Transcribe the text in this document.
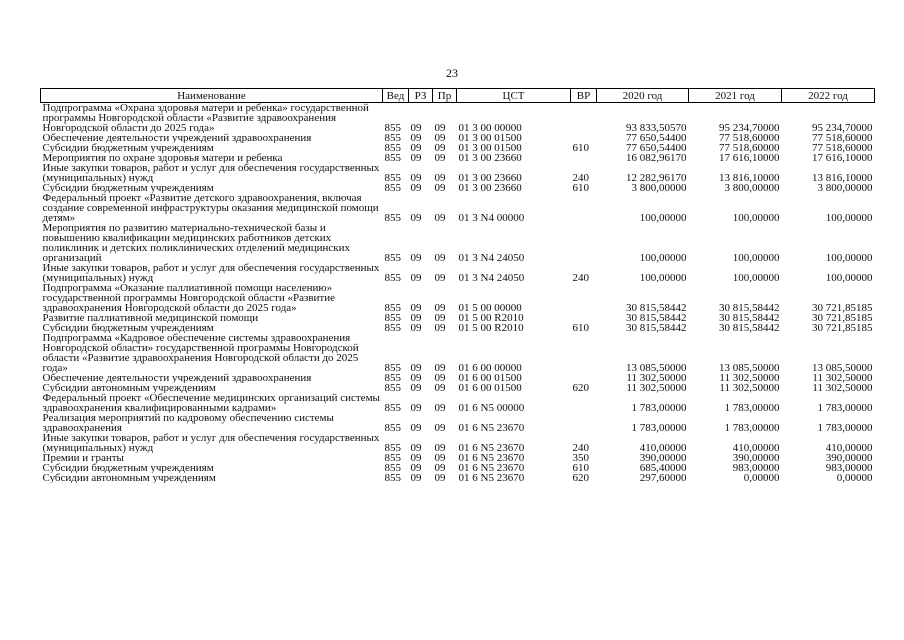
23
Наименование	Вед	РЗ	Пр	ЦСТ	ВР	2020 год	2021 год	2022 год
Подпрограмма «Охрана здоровья матери и ребенка» государственной программы Новгородской области «Развитие здравоохранения Новгородской области до 2025 года»	855	09	09	01 3 00 00000		93 833,50570	95 234,70000	95 234,70000
Обеспечение деятельности учреждений здравоохранения	855	09	09	01 3 00 01500		77 650,54400	77 518,60000	77 518,60000
Субсидии бюджетным учреждениям	855	09	09	01 3 00 01500	610	77 650,54400	77 518,60000	77 518,60000
Мероприятия по охране здоровья матери и ребенка	855	09	09	01 3 00 23660		16 082,96170	17 616,10000	17 616,10000
Иные закупки товаров, работ и услуг для обеспечения государственных (муниципальных) нужд	855	09	09	01 3 00 23660	240	12 282,96170	13 816,10000	13 816,10000
Субсидии бюджетным учреждениям	855	09	09	01 3 00 23660	610	3 800,00000	3 800,00000	3 800,00000
Федеральный проект «Развитие детского здравоохранения, включая создание современной инфраструктуры оказания медицинской помощи детям»	855	09	09	01 3 N4 00000		100,00000	100,00000	100,00000
Мероприятия по развитию материально-технической базы и повышению квалификации медицинских работников детских поликлиник и детских поликлинических отделений медицинских организаций	855	09	09	01 3 N4 24050		100,00000	100,00000	100,00000
Иные закупки товаров, работ и услуг для обеспечения государственных (муниципальных) нужд	855	09	09	01 3 N4 24050	240	100,00000	100,00000	100,00000
Подпрограмма «Оказание паллиативной помощи населению» государственной программы Новгородской области «Развитие здравоохранения Новгородской области до 2025 года»	855	09	09	01 5 00 00000		30 815,58442	30 815,58442	30 721,85185
Развитие паллиативной медицинской помощи	855	09	09	01 5 00 R2010		30 815,58442	30 815,58442	30 721,85185
Субсидии бюджетным учреждениям	855	09	09	01 5 00 R2010	610	30 815,58442	30 815,58442	30 721,85185
Подпрограмма «Кадровое обеспечение системы здравоохранения Новгородской области» государственной программы Новгородской области «Развитие здравоохранения Новгородской области до 2025 года»	855	09	09	01 6 00 00000		13 085,50000	13 085,50000	13 085,50000
Обеспечение деятельности учреждений здравоохранения	855	09	09	01 6 00 01500		11 302,50000	11 302,50000	11 302,50000
Субсидии автономным учреждениям	855	09	09	01 6 00 01500	620	11 302,50000	11 302,50000	11 302,50000
Федеральный проект «Обеспечение медицинских организаций системы здравоохранения квалифицированными кадрами»	855	09	09	01 6 N5 00000		1 783,00000	1 783,00000	1 783,00000
Реализация мероприятий по кадровому обеспечению системы здравоохранения	855	09	09	01 6 N5 23670		1 783,00000	1 783,00000	1 783,00000
Иные закупки товаров, работ и услуг для обеспечения государственных (муниципальных) нужд	855	09	09	01 6 N5 23670	240	410,00000	410,00000	410,00000
Премии и гранты	855	09	09	01 6 N5 23670	350	390,00000	390,00000	390,00000
Субсидии бюджетным учреждениям	855	09	09	01 6 N5 23670	610	685,40000	983,00000	983,00000
Субсидии автономным учреждениям	855	09	09	01 6 N5 23670	620	297,60000	0,00000	0,00000
